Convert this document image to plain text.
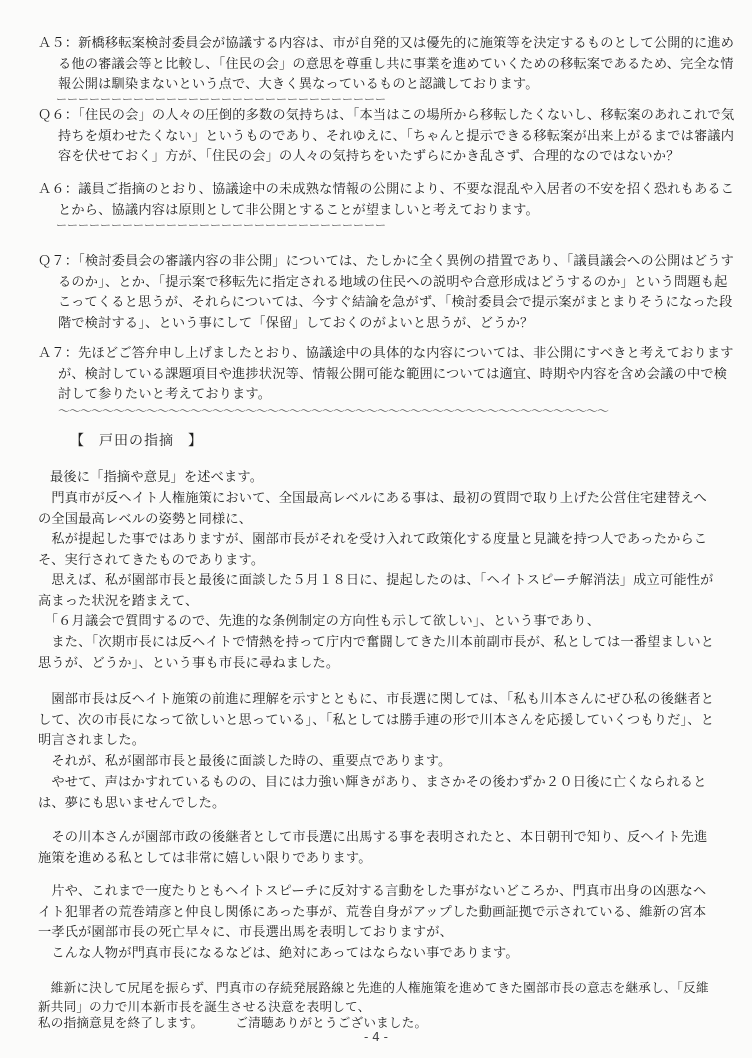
Ａ５：新橋移転案検討委員会が協議する内容は、市が自発的又は優先的に施策等を決定するものとして公開的に進める他の審議会等と比較し、「住民の会」の意思を尊重し共に事業を進めていくための移転案であるため、完全な情報公開は馴染まないという点で、大きく異なっているものと認識しております。

ーーーーーーーーーーーーーーーーーーーーーーーーーーーーーー

Ｑ６：「住民の会」の人々の圧倒的多数の気持ちは、「本当はこの場所から移転したくないし、移転案のあれこれで気持ちを煩わせたくない」というものであり、それゆえに、「ちゃんと提示できる移転案が出来上がるまでは審議内容を伏せておく」方が、「住民の会」の人々の気持ちをいたずらにかき乱さず、合理的なのではないか？

Ａ６：議員ご指摘のとおり、協議途中の未成熟な情報の公開により、不要な混乱や入居者の不安を招く恐れもあることから、協議内容は原則として非公開とすることが望ましいと考えております。

ーーーーーーーーーーーーーーーーーーーーーーーーーーーーーー

Ｑ７：「検討委員会の審議内容の非公開」については、たしかに全く異例の措置であり、「議員議会への公開はどうするのか」、とか、「提示案で移転先に指定される地域の住民への説明や合意形成はどうするのか」という問題も起こってくると思うが、それらについては、今すぐ結論を急がず、「検討委員会で提示案がまとまりそうになった段階で検討する」、という事にして「保留」しておくのがよいと思うが、どうか？

Ａ７：先ほどご答弁申し上げましたとおり、協議途中の具体的な内容については、非公開にすべきと考えておりますが、検討している課題項目や進捗状況等、情報公開可能な範囲については適宜、時期や内容を含め会議の中で検討して参りたいと考えております。

～～～～～～～～～～～～～～～～～～～～～～～～～～～～～～～～～～～～～～～～～～～～～～～～～～
【 戸田の指摘 】

最後に「指摘や意見」を述べます。

　門真市が反ヘイト人権施策において、全国最高レベルにある事は、最初の質問で取り上げた公営住宅建替えへの全国最高レベルの姿勢と同様に、

　私が提起した事ではありますが、園部市長がそれを受け入れて政策化する度量と見識を持つ人であったからこそ、実行されてきたものであります。

　思えば、私が園部市長と最後に面談した５月１８日に、提起したのは、「ヘイトスピーチ解消法」成立可能性が高まった状況を踏まえて、

　「６月議会で質問するので、先進的な条例制定の方向性も示して欲しい」、という事であり、

　また、「次期市長には反ヘイトで情熱を持って庁内で奮闘してきた川本前副市長が、私としては一番望ましいと思うが、どうか」、という事も市長に尋ねました。

　園部市長は反ヘイト施策の前進に理解を示すとともに、市長選に関しては、「私も川本さんにぜひ私の後継者として、次の市長になって欲しいと思っている」、「私としては勝手連の形で川本さんを応援していくつもりだ」、と明言されました。

　それが、私が園部市長と最後に面談した時の、重要点であります。

　やせて、声はかすれているものの、目には力強い輝きがあり、まさかその後わずか２０日後に亡くなられるとは、夢にも思いませんでした。

　その川本さんが園部市政の後継者として市長選に出馬する事を表明されたと、本日朝刊で知り、反ヘイト先進施策を進める私としては非常に嬉しい限りであります。

　片や、これまで一度たりともヘイトスピーチに反対する言動をした事がないどころか、門真市出身の凶悪なヘイト犯罪者の荒巻靖彦と仲良し関係にあった事が、荒巻自身がアップした動画証拠で示されている、維新の宮本一孝氏が園部市長の死亡早々に、市長選出馬を表明しておりますが、

　こんな人物が門真市長になるなどは、絶対にあってはならない事であります。

　維新に決して尻尾を振らず、門真市の存続発展路線と先進的人権施策を進めてきた園部市長の意志を継承し、「反維新共同」の力で川本新市長を誕生させる決意を表明して、

私の指摘意見を終了します。　　　ご清聴ありがとうございました。

- 4 -
